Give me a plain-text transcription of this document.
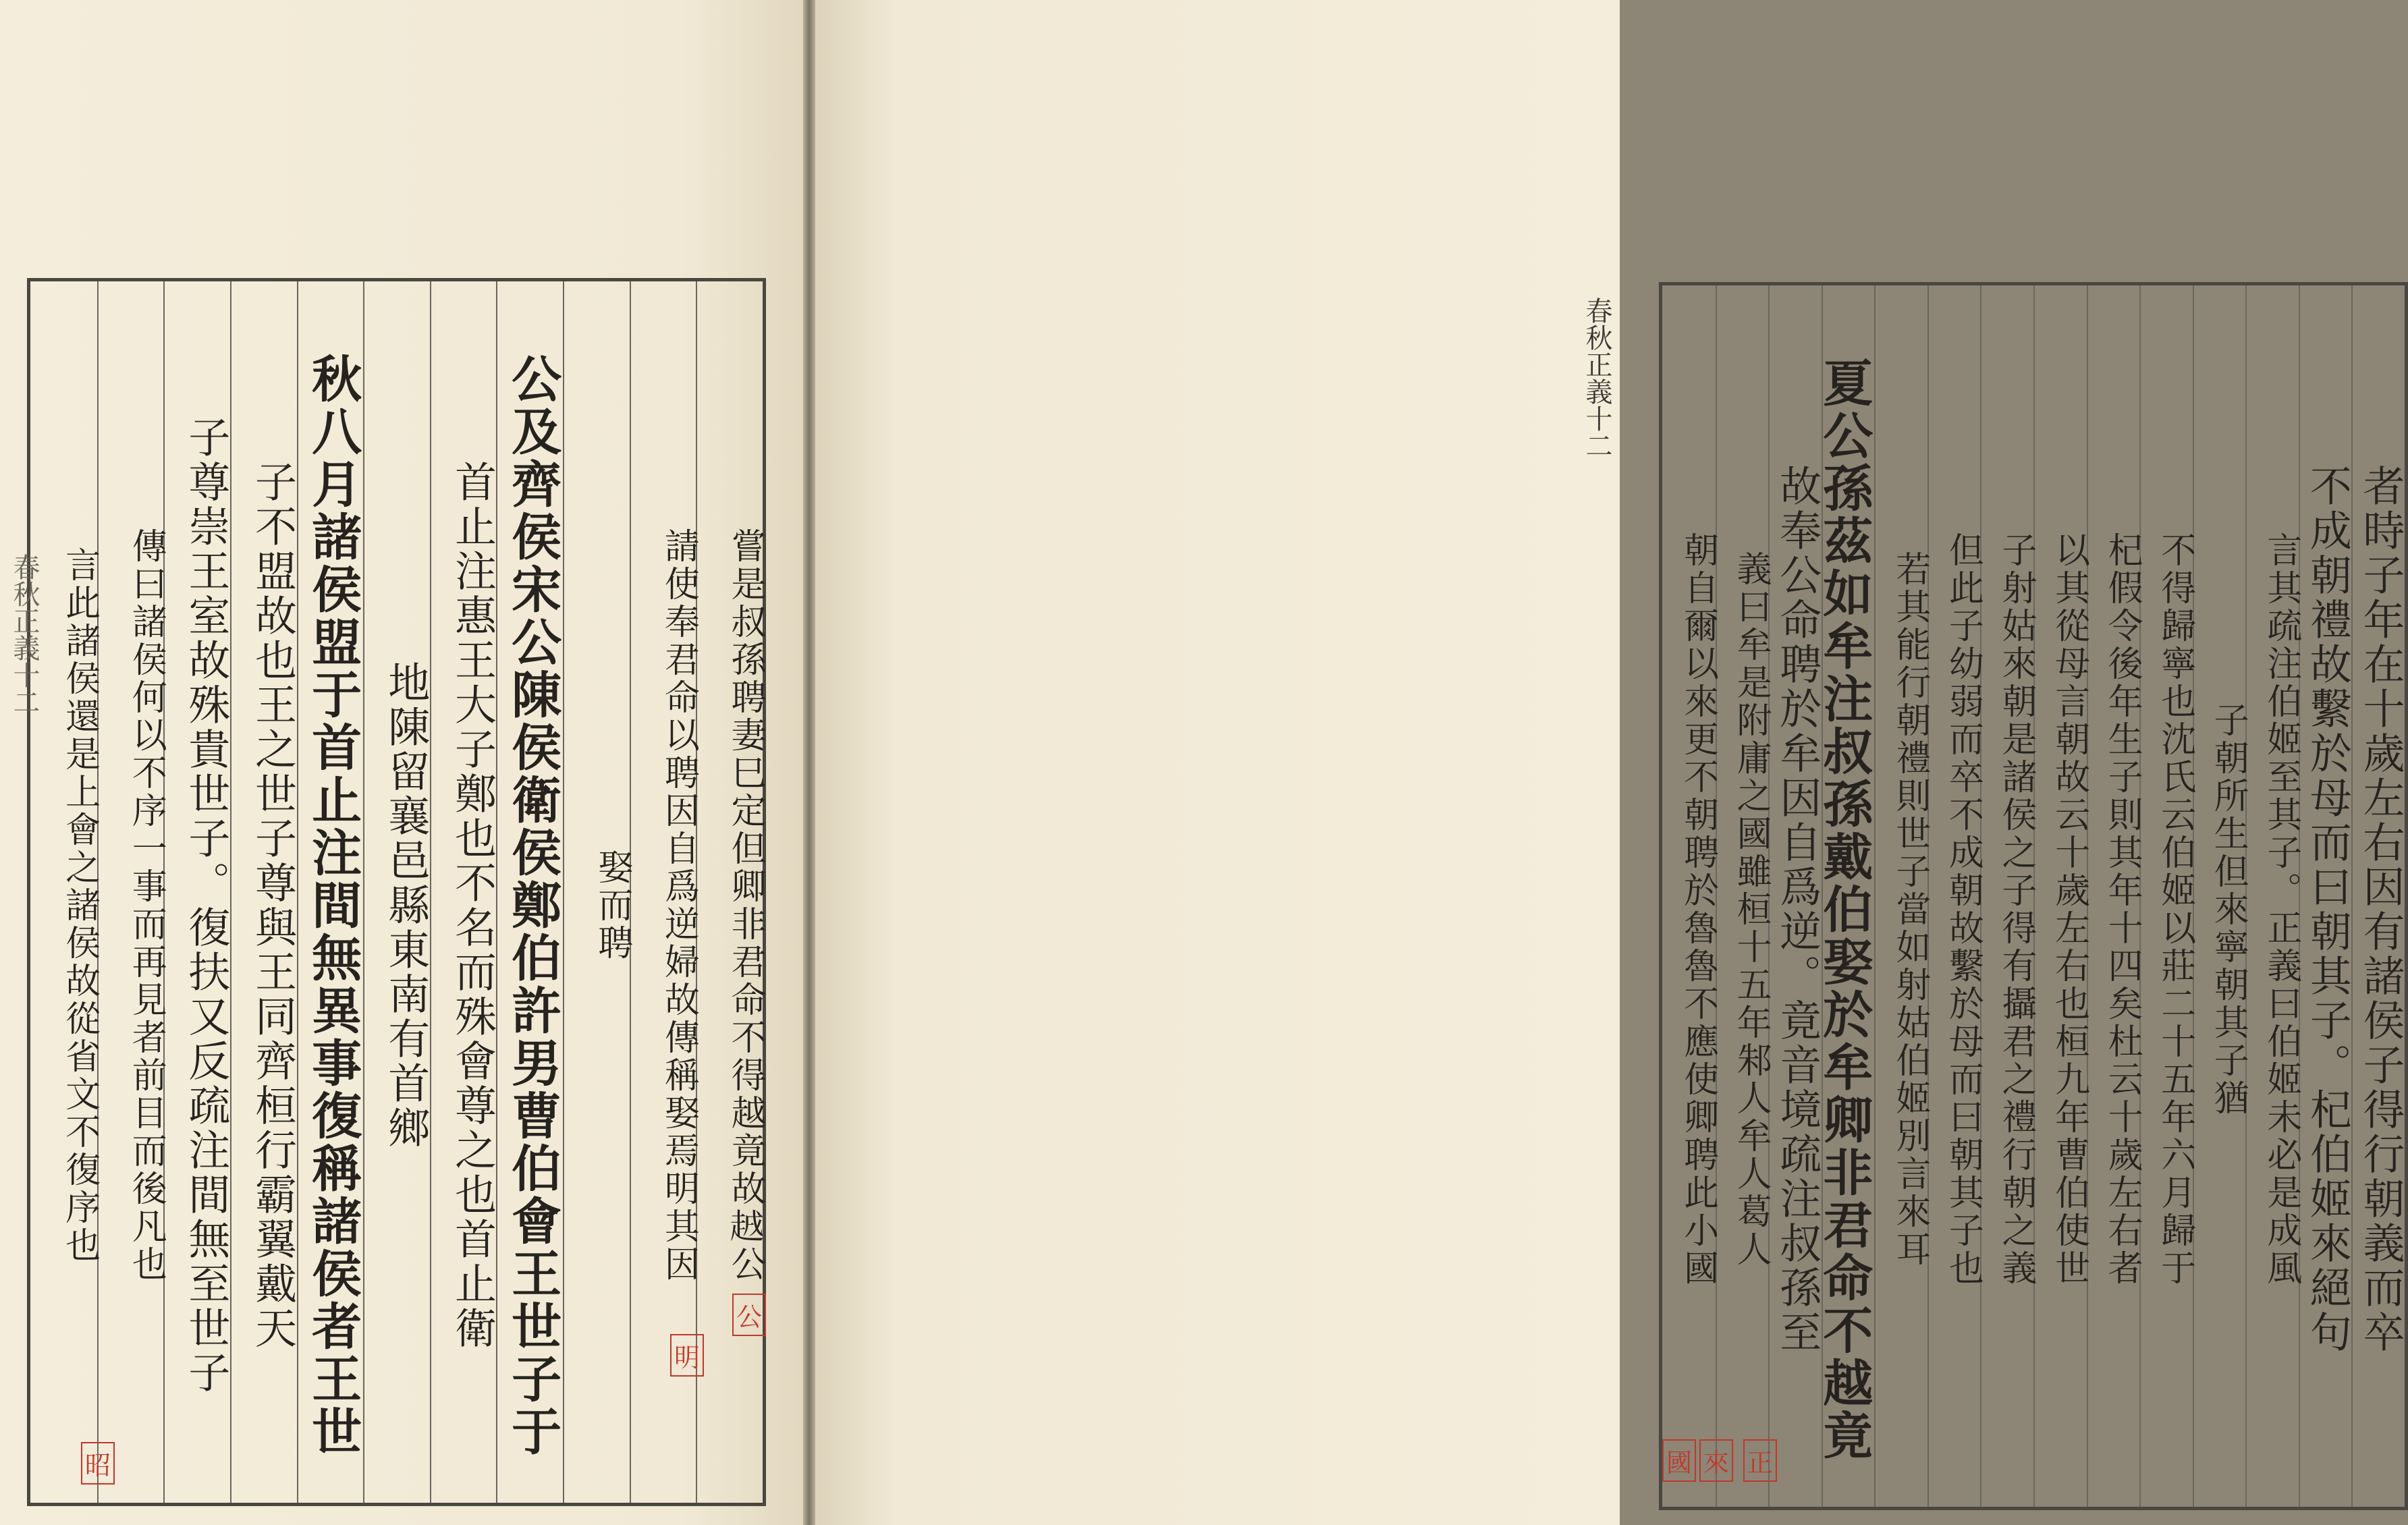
嘗是叔孫聘妻巳定但卿非君命不得越竟故𧻗公
請使奉君命以聘因自爲逆婦故傳稱娶焉明其因
娶而聘
公及齊侯宋公陳侯衛侯鄭伯許男曹伯會王世子于
首止注惠王大子鄭也不名而殊會尊之也首止衛
地陳留襄邑縣東南有首鄉
秋八月諸侯盟于首止注間無異事復稱諸侯者王世
子不盟故也王之世子尊與王同齊桓行霸翼戴天
子尊崇王室故殊貴世子。復扶又反疏注間無至世子
傳曰諸侯何以不序一事而再見者前目而後凡也
言此諸侯還是上會之諸侯故從省文不復序也
公
明
昭
春秋正義十二	者時子年在十歲左右因有諸侯子得行朝義而卒
不成朝禮故繫於母而曰朝其子。杞伯姬來絕句
言其疏注伯姬至其子。正義曰伯姬未必是成風
子朝所生但來寧朝其子猶
不得歸寧也沈氏云伯姬以莊二十五年六月歸于
杞假令後年生子則其年十四矣杜云十歲左右者
以其從母言朝故云十歲左右也桓九年曹伯使世
子射姑來朝是諸侯之子得有攝君之禮行朝之義
但此子幼弱而卒不成朝故繫於母而曰朝其子也
若其能行朝禮則世子當如射姑伯姬別言來耳
夏公孫茲如牟注叔孫戴伯娶於牟卿非君命不越竟
故奉公命聘於牟因自爲逆。竟音境疏注叔孫至
義曰牟是附庸之國雖桓十五年邾人牟人葛人
朝自爾以來更不朝聘於魯魯不應使卿聘此小國
正
來
國
春秋正義十二
